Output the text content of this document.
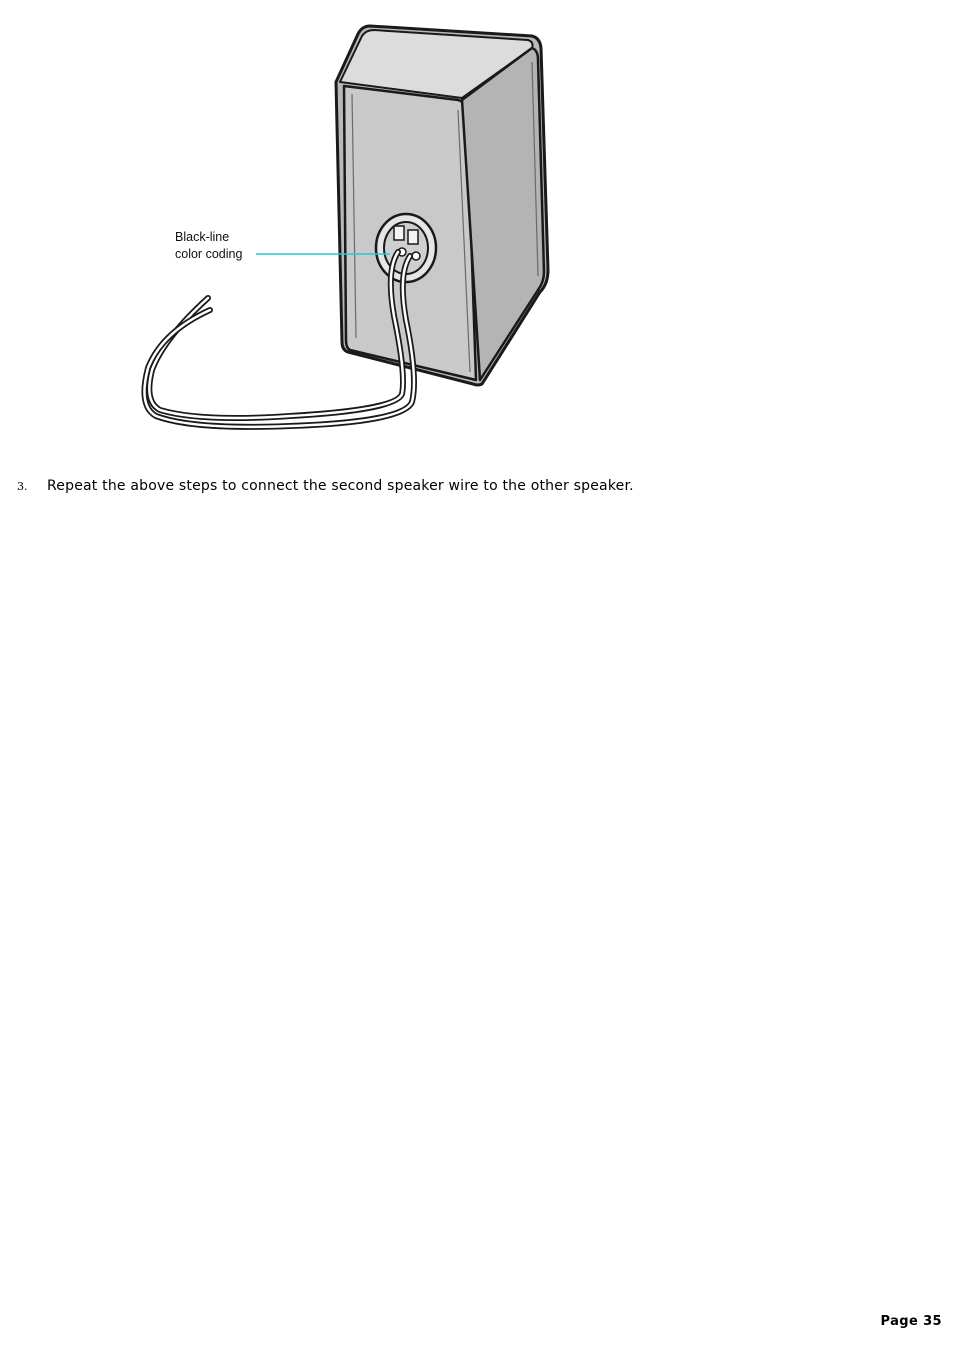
Black-line
color coding
3. Repeat the above steps to connect the second speaker wire to the other speaker.
Page 35
